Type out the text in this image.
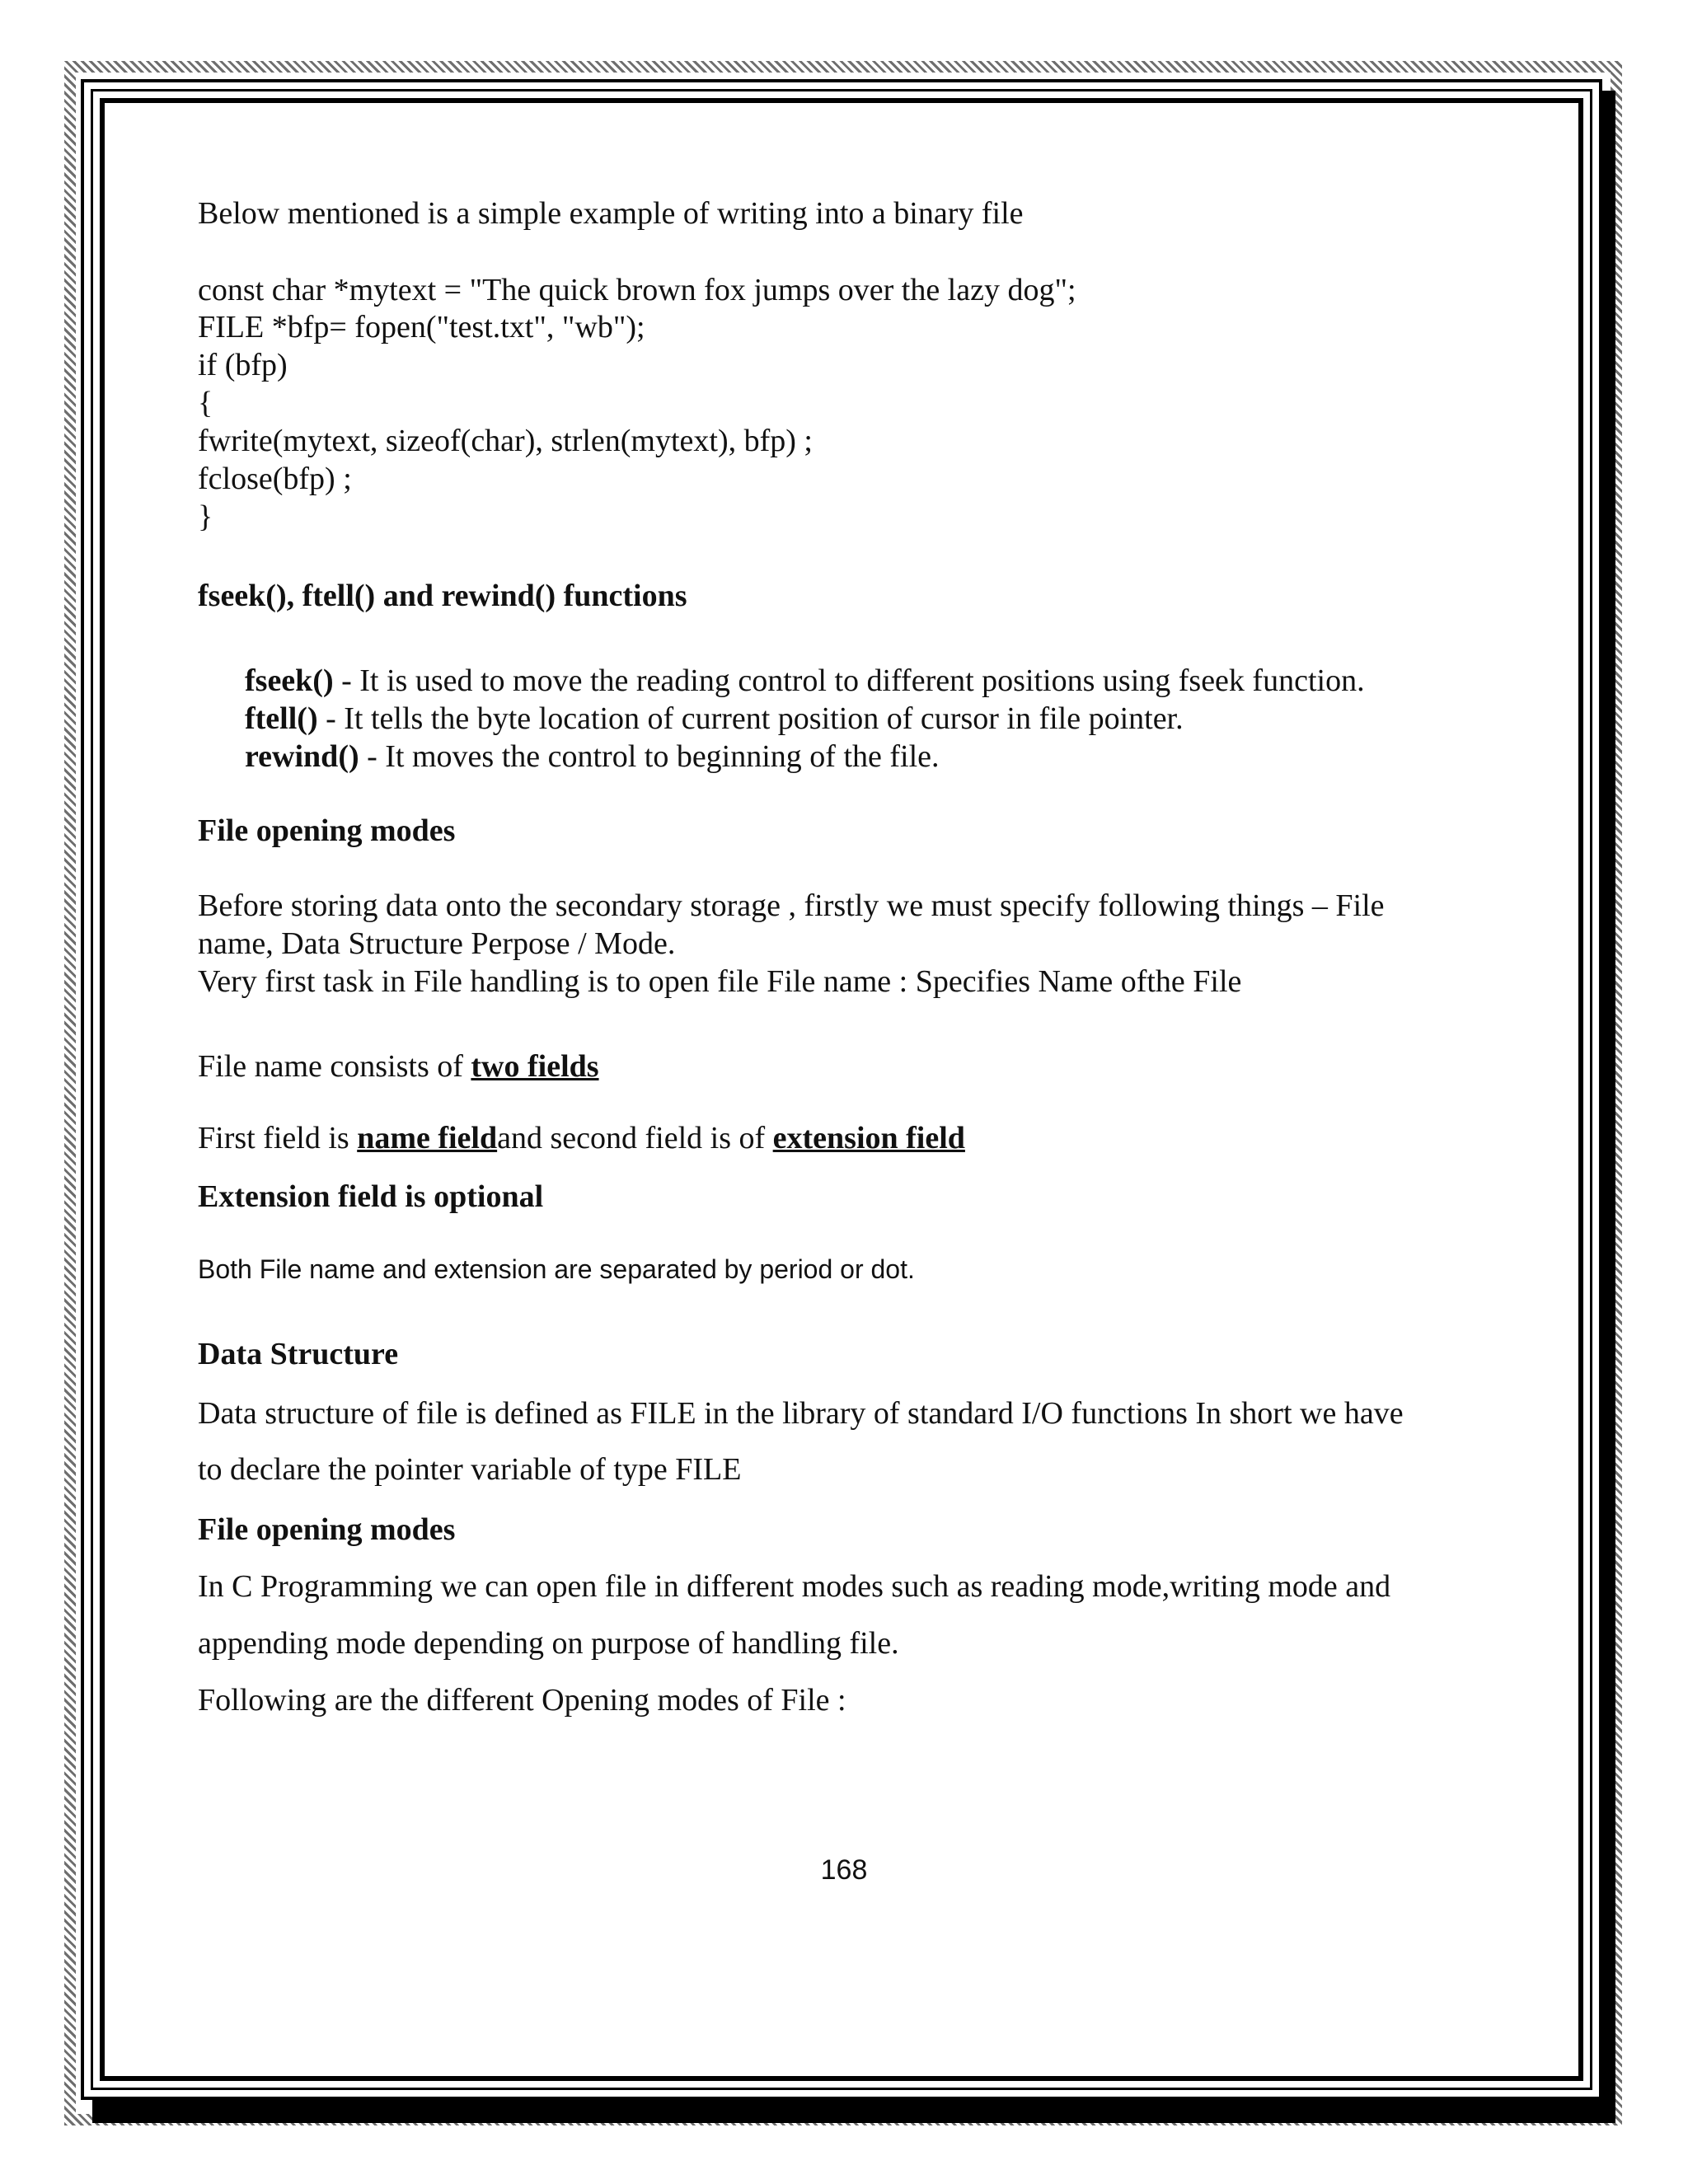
Below mentioned is a simple example of writing into a binary file
const char *mytext = "The quick brown fox jumps over the lazy dog";
FILE *bfp= fopen("test.txt", "wb");
if (bfp)
{
fwrite(mytext, sizeof(char), strlen(mytext), bfp) ;
fclose(bfp) ;
}
fseek(), ftell() and rewind() functions
fseek() - It is used to move the reading control to different positions using fseek function.
ftell() - It tells the byte location of current position of cursor in file pointer.
rewind() - It moves the control to beginning of the file.
File opening modes
Before storing data onto the secondary storage , firstly we must specify following things – File
name, Data Structure Perpose / Mode.
Very first task in File handling is to open file File name : Specifies Name ofthe File
File name consists of two fields
First field is name fieldand second field is of extension field
Extension field is optional
Both File name and extension are separated by period or dot.
Data Structure
Data structure of file is defined as FILE in the library of standard I/O functions In short we have
to declare the pointer variable of type FILE
File opening modes
In C Programming we can open file in different modes such as reading mode,writing mode and
appending mode depending on purpose of handling file.
Following are the different Opening modes of File :
168
